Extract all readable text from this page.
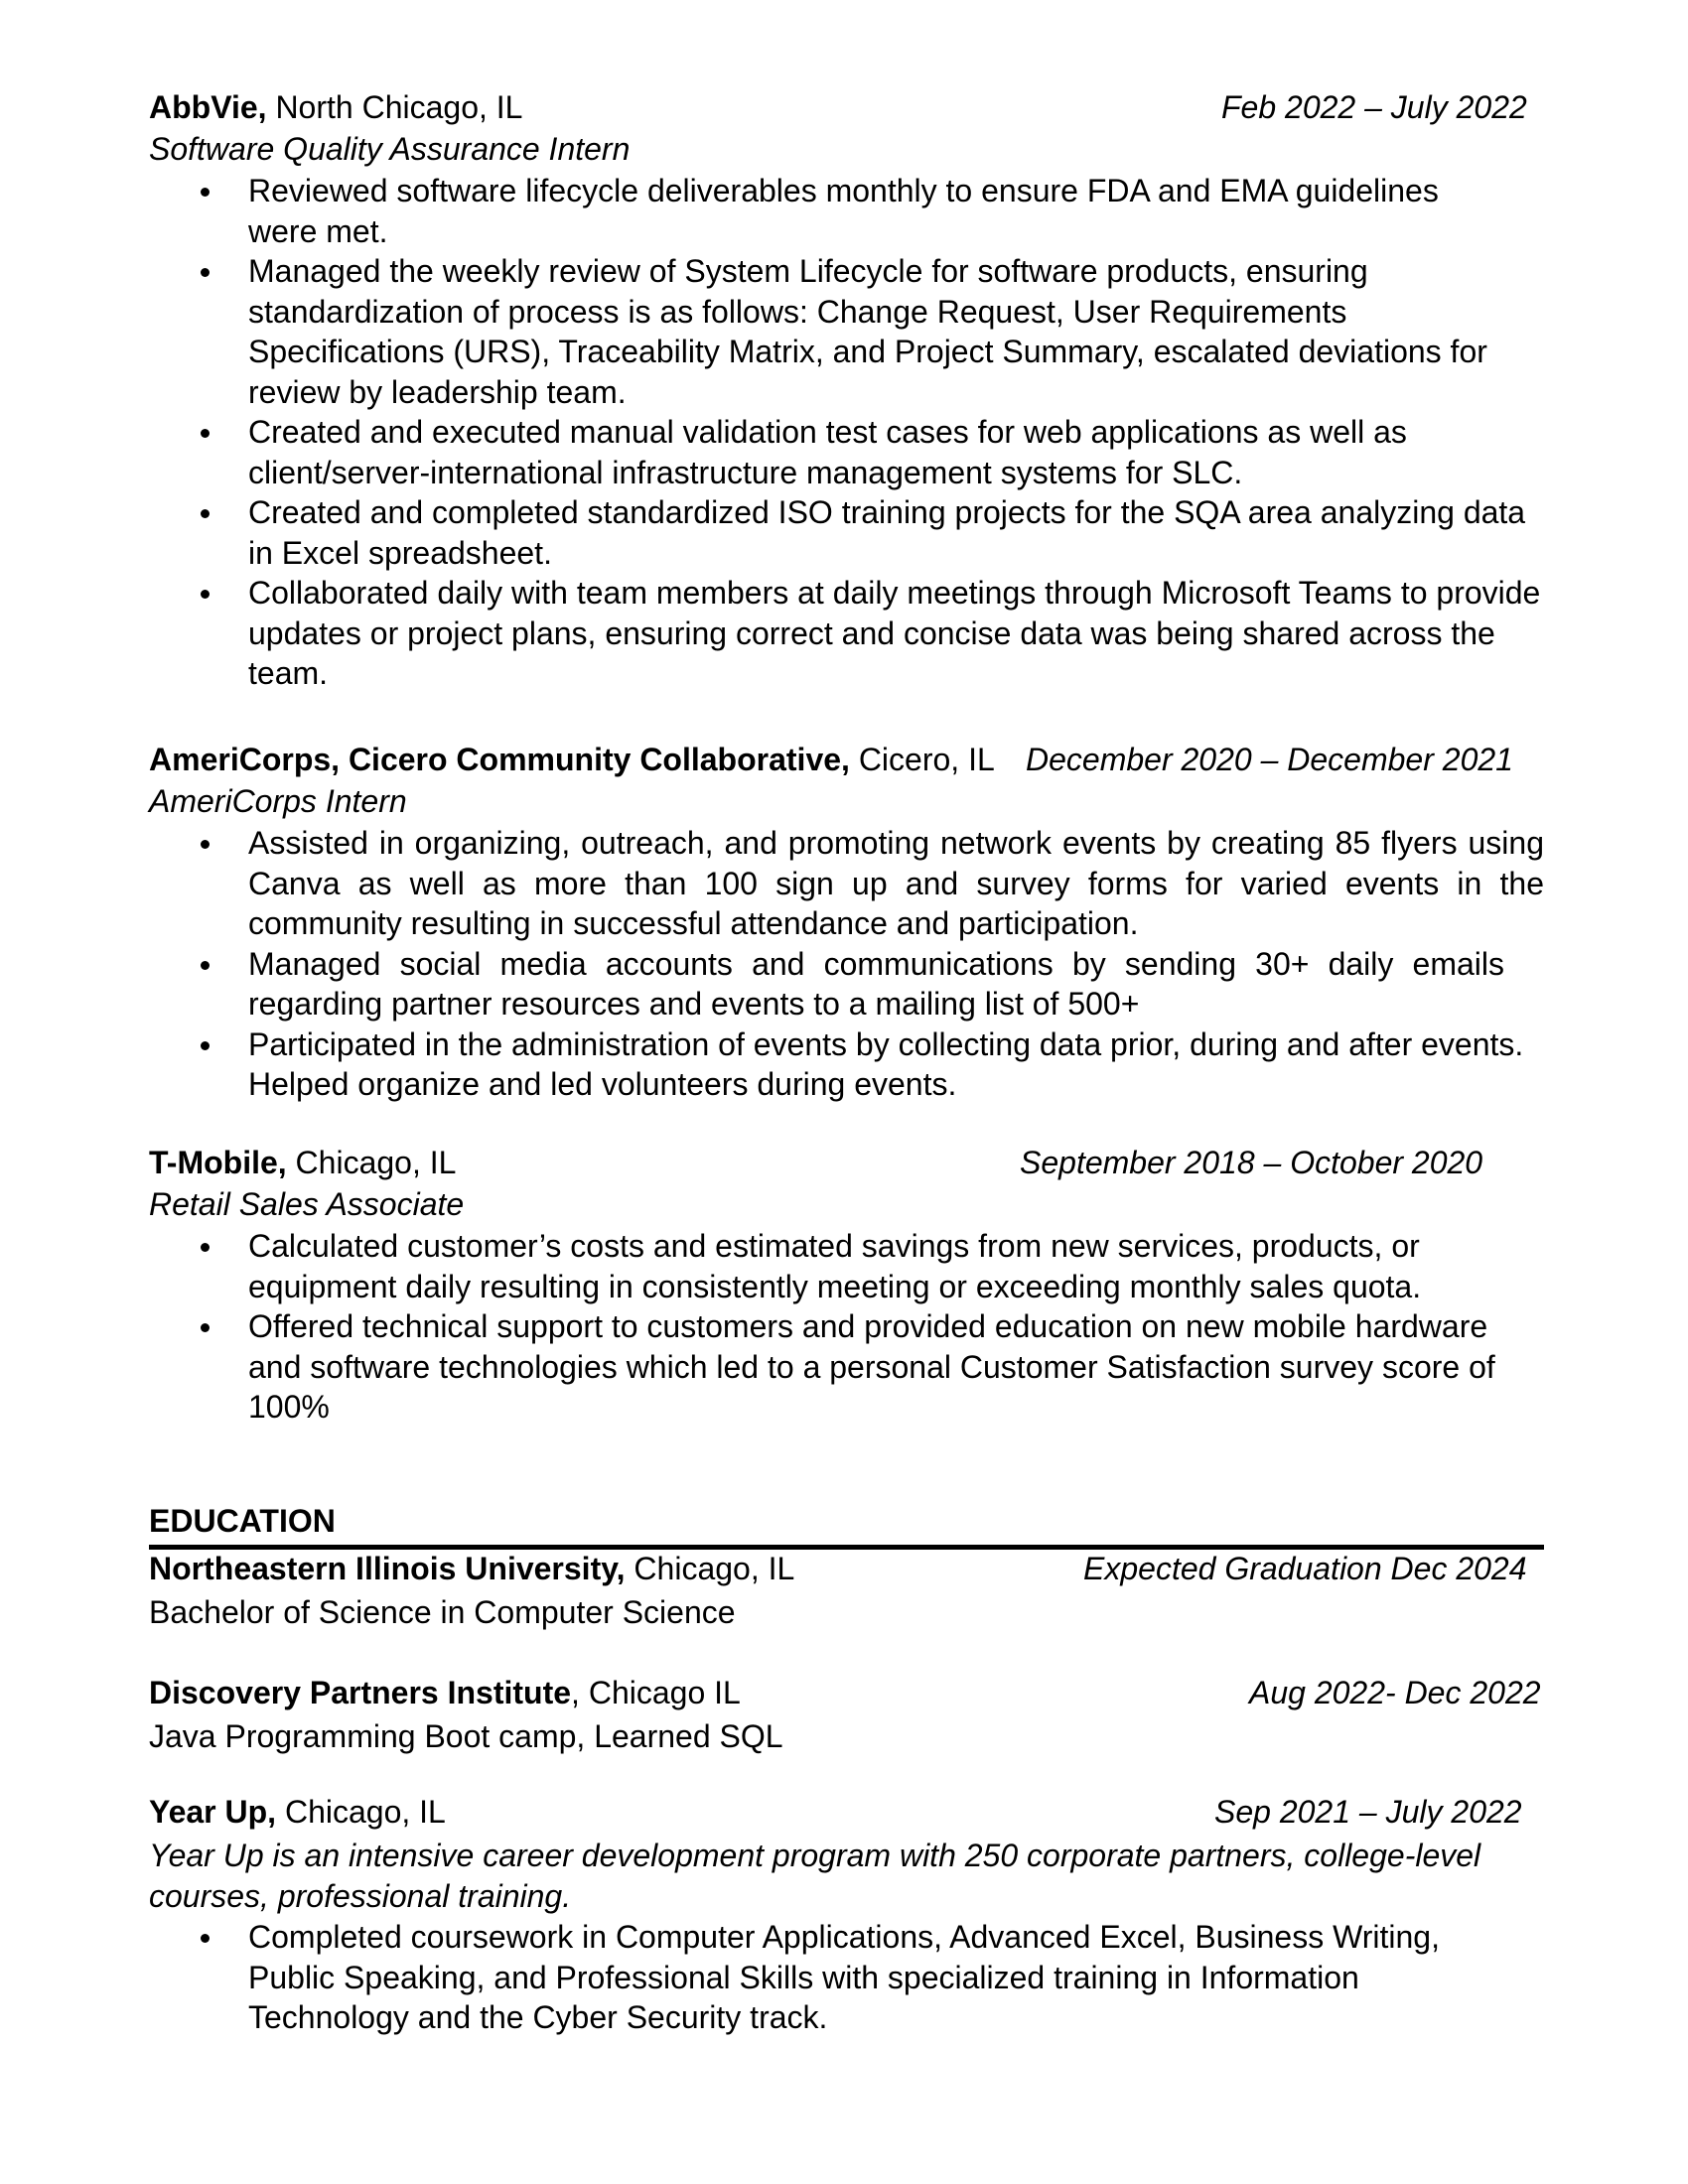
AbbVie, North Chicago, IL	Feb 2022 – July 2022
Software Quality Assurance Intern
Reviewed software lifecycle deliverables monthly to ensure FDA and EMA guidelines were met.
Managed the weekly review of System Lifecycle for software products, ensuring standardization of process is as follows: Change Request, User Requirements Specifications (URS), Traceability Matrix, and Project Summary, escalated deviations for review by leadership team.
Created and executed manual validation test cases for web applications as well as client/server-international infrastructure management systems for SLC.
Created and completed standardized ISO training projects for the SQA area analyzing data in Excel spreadsheet.
Collaborated daily with team members at daily meetings through Microsoft Teams to provide updates or project plans, ensuring correct and concise data was being shared across the team.
AmeriCorps, Cicero Community Collaborative, Cicero, IL December 2020 – December 2021
AmeriCorps Intern
Assisted in organizing, outreach, and promoting network events by creating 85 flyers using Canva as well as more than 100 sign up and survey forms for varied events in the community resulting in successful attendance and participation.
Managed social media accounts and communications by sending 30+ daily emails regarding partner resources and events to a mailing list of 500+
Participated in the administration of events by collecting data prior, during and after events. Helped organize and led volunteers during events.
T-Mobile, Chicago, IL	September 2018 – October 2020
Retail Sales Associate
Calculated customer’s costs and estimated savings from new services, products, or equipment daily resulting in consistently meeting or exceeding monthly sales quota.
Offered technical support to customers and provided education on new mobile hardware and software technologies which led to a personal Customer Satisfaction survey score of 100%
EDUCATION
Northeastern Illinois University, Chicago, IL	Expected Graduation Dec 2024
Bachelor of Science in Computer Science
Discovery Partners Institute, Chicago IL	Aug 2022- Dec 2022
Java Programming Boot camp, Learned SQL
Year Up, Chicago, IL	Sep 2021 – July 2022
Year Up is an intensive career development program with 250 corporate partners, college-level courses, professional training.
Completed coursework in Computer Applications, Advanced Excel, Business Writing, Public Speaking, and Professional Skills with specialized training in Information Technology and the Cyber Security track.
